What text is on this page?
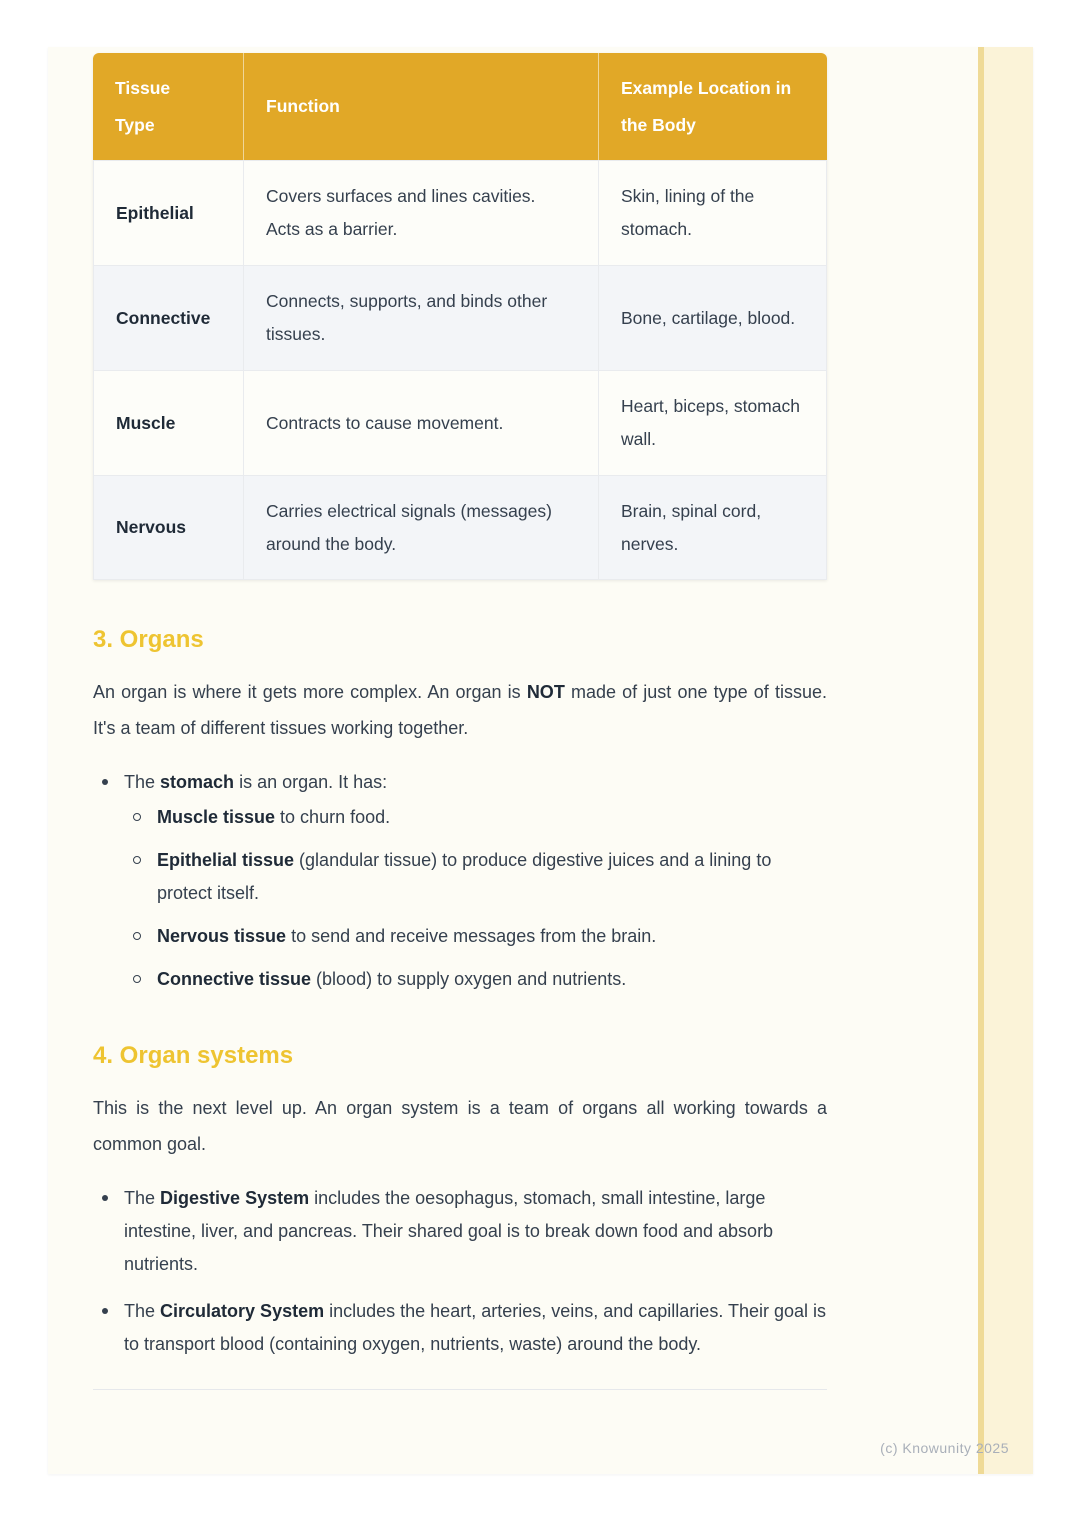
Tissue Type	Function	Example Location in the Body
Epithelial	Covers surfaces and lines cavities. Acts as a barrier.	Skin, lining of the stomach.
Connective	Connects, supports, and binds other tissues.	Bone, cartilage, blood.
Muscle	Contracts to cause movement.	Heart, biceps, stomach wall.
Nervous	Carries electrical signals (messages) around the body.	Brain, spinal cord, nerves.
3. Organs

An organ is where it gets more complex. An organ is NOT made of just one type of tissue. It's a team of different tissues working together.

The stomach is an organ. It has:
Muscle tissue to churn food.
Epithelial tissue (glandular tissue) to produce digestive juices and a lining to protect itself.
Nervous tissue to send and receive messages from the brain.
Connective tissue (blood) to supply oxygen and nutrients.
4. Organ systems

This is the next level up. An organ system is a team of organs all working towards a common goal.

The Digestive System includes the oesophagus, stomach, small intestine, large intestine, liver, and pancreas. Their shared goal is to break down food and absorb nutrients.
The Circulatory System includes the heart, arteries, veins, and capillaries. Their goal is to transport blood (containing oxygen, nutrients, waste) around the body.
(c) Knowunity 2025
